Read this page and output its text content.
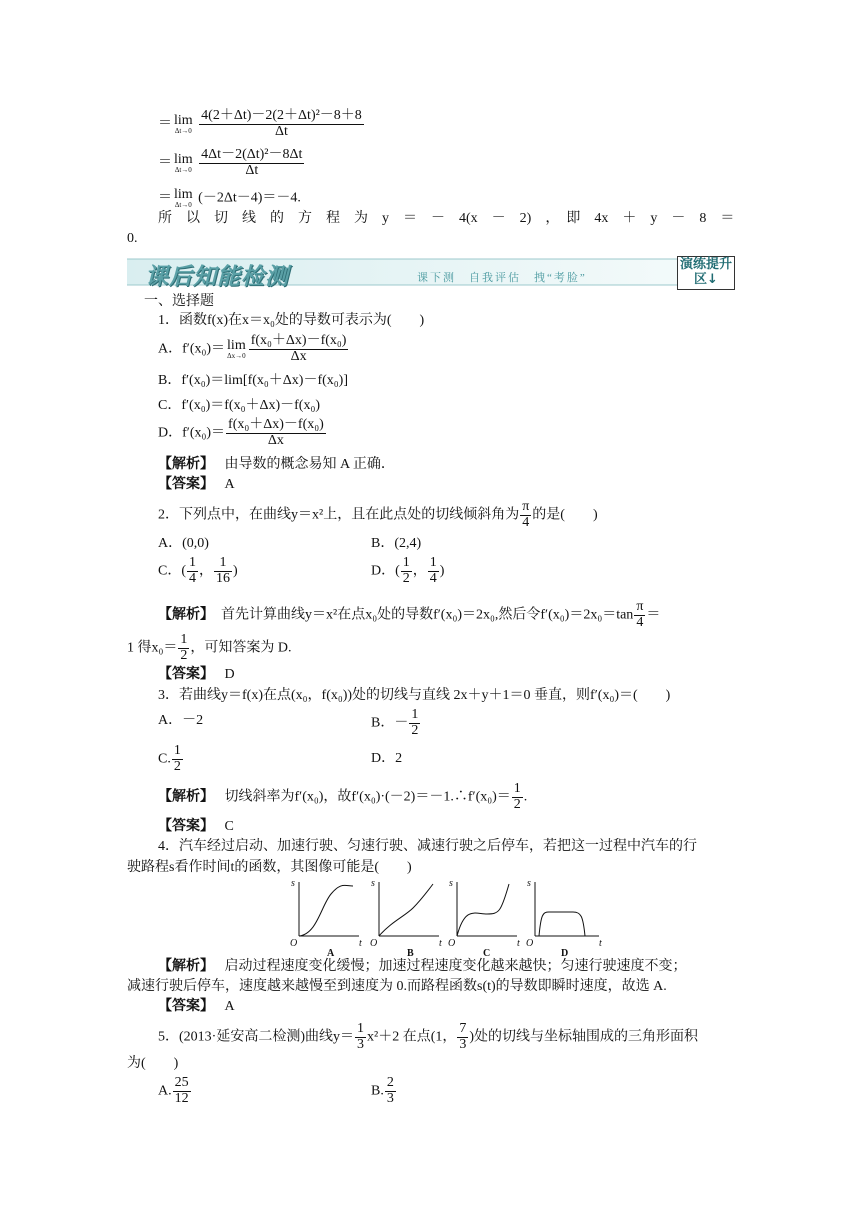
＝ lim
Δt→0
$\frac{\text{4(2＋Δt)－2(2＋Δt)²－8＋8}}{\Delta t}$
＝ lim
Δt→0
$\frac{\text{4Δt－2(Δt)²－8Δt}}{\Delta t}$
＝ lim
Δt→0 (－2Δt－4)＝－4.
所　以　切　线　的　方　程　为　y　＝　－　4(x　－　2)　，　即　4x　＋　y　－　8　＝
0.
课后知能检测	课下测　自我评估　拽“考脸”
演练提升区↓
一、选择题
1．函数f(x)在x＝x₀处的导数可表示为(　　)
A．f′(x₀)＝ lim
$\Delta x\to 0 \frac{\text{f(x₀＋Δx)－f(x₀)}}{\Delta x}$
B．f′(x₀)＝lim[f(x₀＋Δx)－f(x₀)]
C．f′(x₀)＝f(x₀＋Δx)－f(x₀)
D．$f'(x_0)= \frac{\text{f(x₀＋Δx)－f(x₀)}}{\Delta x}$
【解析】 由导数的概念易知 A 正确．
【答案】 A
2．下列点中，在曲线y＝x²上，且在此点处的切线倾斜角为 $\frac{\pi}{4}$ 的是(　　)
A．(0,0)	B．(2,4)
C．( $\frac{1}{4}$ ， $\frac{1}{16}$ )	D．( $\frac{1}{2}$ ， $\frac{1}{4}$ )
【解析】 首先计算曲线y＝x²在点x₀处的导数f′(x₀)＝2x₀,然后令$f'(x_0)=2x_0=\tan \frac{\pi}{4}$ ＝
1 得$x_0= \frac{1}{2}$ ，可知答案为 D.
【答案】 D
3．若曲线y＝f(x)在点(x₀，f(x₀))处的切线与直线 2x＋y＋1＝0 垂直，则f′(x₀)＝(　　)
A．－2	B．－ $\frac{1}{2}$
C. $\frac{1}{2}$	D．2
【解析】 切线斜率为f′(x₀)，故f′(x₀)·(－2)＝－1.∴f′(x₀)＝ $\frac{1}{2}$ .
【答案】 C
4．汽车经过启动、加速行驶、匀速行驶、减速行驶之后停车，若把这一过程中汽车的行
驶路程s看作时间t的函数，其图像可能是(　　)
s
t
O
s
t
O
s
t
O
s
t
O
A	B	C	D
【解析】 启动过程速度变化缓慢；加速过程速度变化越来越快；匀速行驶速度不变；
减速行驶后停车，速度越来越慢至到速度为 0.而路程函数s(t)的导数即瞬时速度，故选 A.
【答案】 A
5．(2013·延安高二检测)曲线$y= \frac{1}{3} x^2+2$ 在点(1， $\frac{7}{3}$ )处的切线与坐标轴围成的三角形面积
为(　　)
A. $\frac{25}{12}$	B. $\frac{2}{3}$
